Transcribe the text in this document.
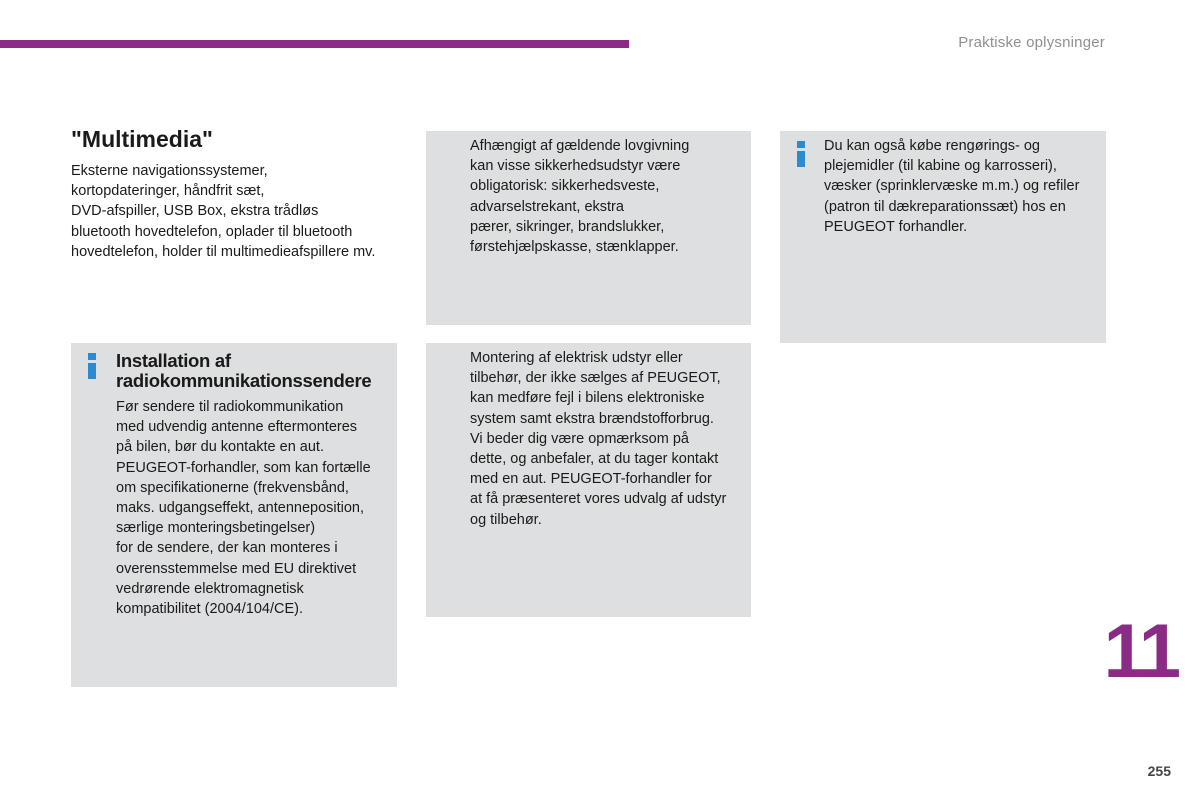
Praktiske oplysninger
"Multimedia"

Eksterne navigationssystemer,
kortopdateringer, håndfrit sæt,
DVD-afspiller, USB Box, ekstra trådløs
bluetooth hovedtelefon, oplader til bluetooth
hovedtelefon, holder til multimedieafspillere mv.

Afhængigt af gældende lovgivning
kan visse sikkerhedsudstyr være
obligatorisk: sikkerhedsveste,
advarselstrekant, ekstra
pærer, sikringer, brandslukker,
førstehjælpskasse, stænklapper.

Du kan også købe rengørings- og
plejemidler (til kabine og karrosseri),
væsker (sprinklervæske m.m.) og refiler
(patron til dækreparationssæt) hos en
PEUGEOT forhandler.

Installation af
radiokommunikationssendere

Før sendere til radiokommunikation
med udvendig antenne eftermonteres
på bilen, bør du kontakte en aut.
PEUGEOT-forhandler, som kan fortælle
om specifikationerne (frekvensbånd,
maks. udgangseffekt, antenneposition,
særlige monteringsbetingelser)
for de sendere, der kan monteres i
overensstemmelse med EU direktivet
vedrørende elektromagnetisk
kompatibilitet (2004/104/CE).

Montering af elektrisk udstyr eller
tilbehør, der ikke sælges af PEUGEOT,
kan medføre fejl i bilens elektroniske
system samt ekstra brændstofforbrug.
Vi beder dig være opmærksom på
dette, og anbefaler, at du tager kontakt
med en aut. PEUGEOT-forhandler for
at få præsenteret vores udvalg af udstyr
og tilbehør.

11
255
